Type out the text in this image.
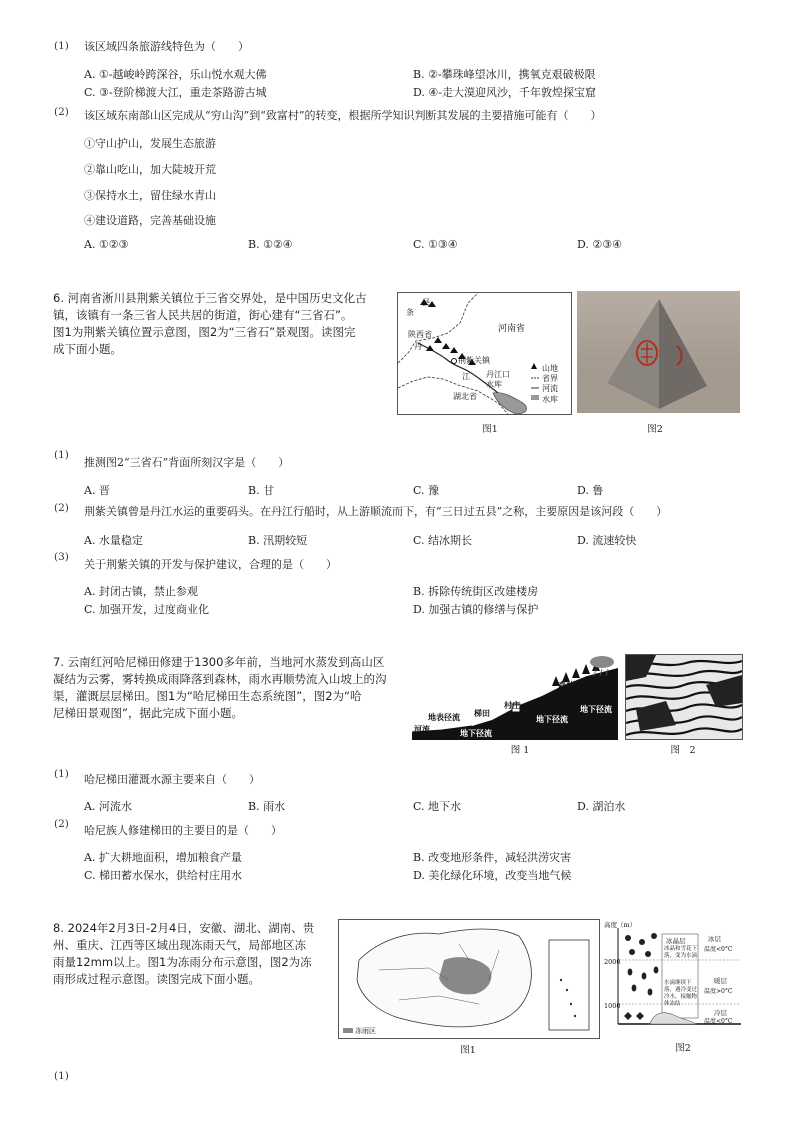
(1) 该区域四条旅游线特色为（　　）
A. ①-越峻岭跨深谷，乐山悦水观大佛	B. ②-攀珠峰望冰川，携氧克艰破极限
C. ③-登阶梯渡大江，重走茶路游古城	D. ④-走大漠迎风沙，千年敦煌探宝窟
(2) 该区域东南部山区完成从“穷山沟”到“致富村”的转变，根据所学知识判断其发展的主要措施可能有（　　）
①守山护山，发展生态旅游
②靠山吃山，加大陡坡开荒
③保持水土，留住绿水青山
④建设道路，完善基础设施
A. ①②③	B. ①②④	C. ①③④	D. ②③④
6. 河南省淅川县荆紫关镇位于三省交界处，是中国历史文化古
镇，该镇有一条三省人民共居的街道，街心建有“三省石”。
图1为荆紫关镇位置示意图，图2为“三省石”景观图。读图完
成下面小题。
县
条
陕西省
河南省
湖北省
荆紫关镇
丹
江 丹江口
水库
山地
省界
河流
水库
图1	图2
(1)
推测图2“三省石”背面所刻汉字是（　　）
A. 晋	B. 甘	C. 豫	D. 鲁
(2) 荆紫关镇曾是丹江水运的重要码头。在丹江行船时，从上游顺流而下，有“三日过五县”之称，主要原因是该河段（　　）
A. 水量稳定	B. 汛期较短	C. 结冰期长	D. 流速较快
(3)
关于荆紫关镇的开发与保护建议，合理的是（　　）
A. 封闭古镇，禁止参观	B. 拆除传统街区改建楼房
C. 加强开发，过度商业化	D. 加强古镇的修缮与保护
7. 云南红河哈尼梯田修建于1300多年前，当地河水蒸发到高山区
凝结为云雾，雾转换成雨降落到森林，雨水再顺势流入山坡上的沟
渠，灌溉层层梯田。图1为“哈尼梯田生态系统图”，图2为“哈
尼梯田景观图”，据此完成下面小题。	地表径流 梯田
村庄
森林
河流	地下径流
地下径流
地下径流
图 1	图　2
(1) 哈尼梯田灌溉水源主要来自（　　）
A. 河流水	B. 雨水	C. 地下水	D. 湖泊水
(2) 哈尼族人修建梯田的主要目的是（　　）
A. 扩大耕地面积，增加粮食产量	B. 改变地形条件，减轻洪涝灾害
C. 梯田蓄水保水，供给村庄用水	D. 美化绿化环境，改变当地气候
8. 2024年2月3日-2月4日，安徽、湖北、湖南、贵
州、重庆、江西等区域出现冻雨天气，局部地区冻
雨量12mm以上。图1为冻雨分布示意图，图2为冻
雨形成过程示意图。读图完成下面小题。
冻雨区
图1
高度（m）
2000
1000
冰晶层	冰层
温度<0°C
冰晶和雪花下落，变为水滴
暖层
温度>0°C
水滴继续下落，遇冷变过冷水，接触物体冻结
冷层
温度<0°C
图2
(1)
